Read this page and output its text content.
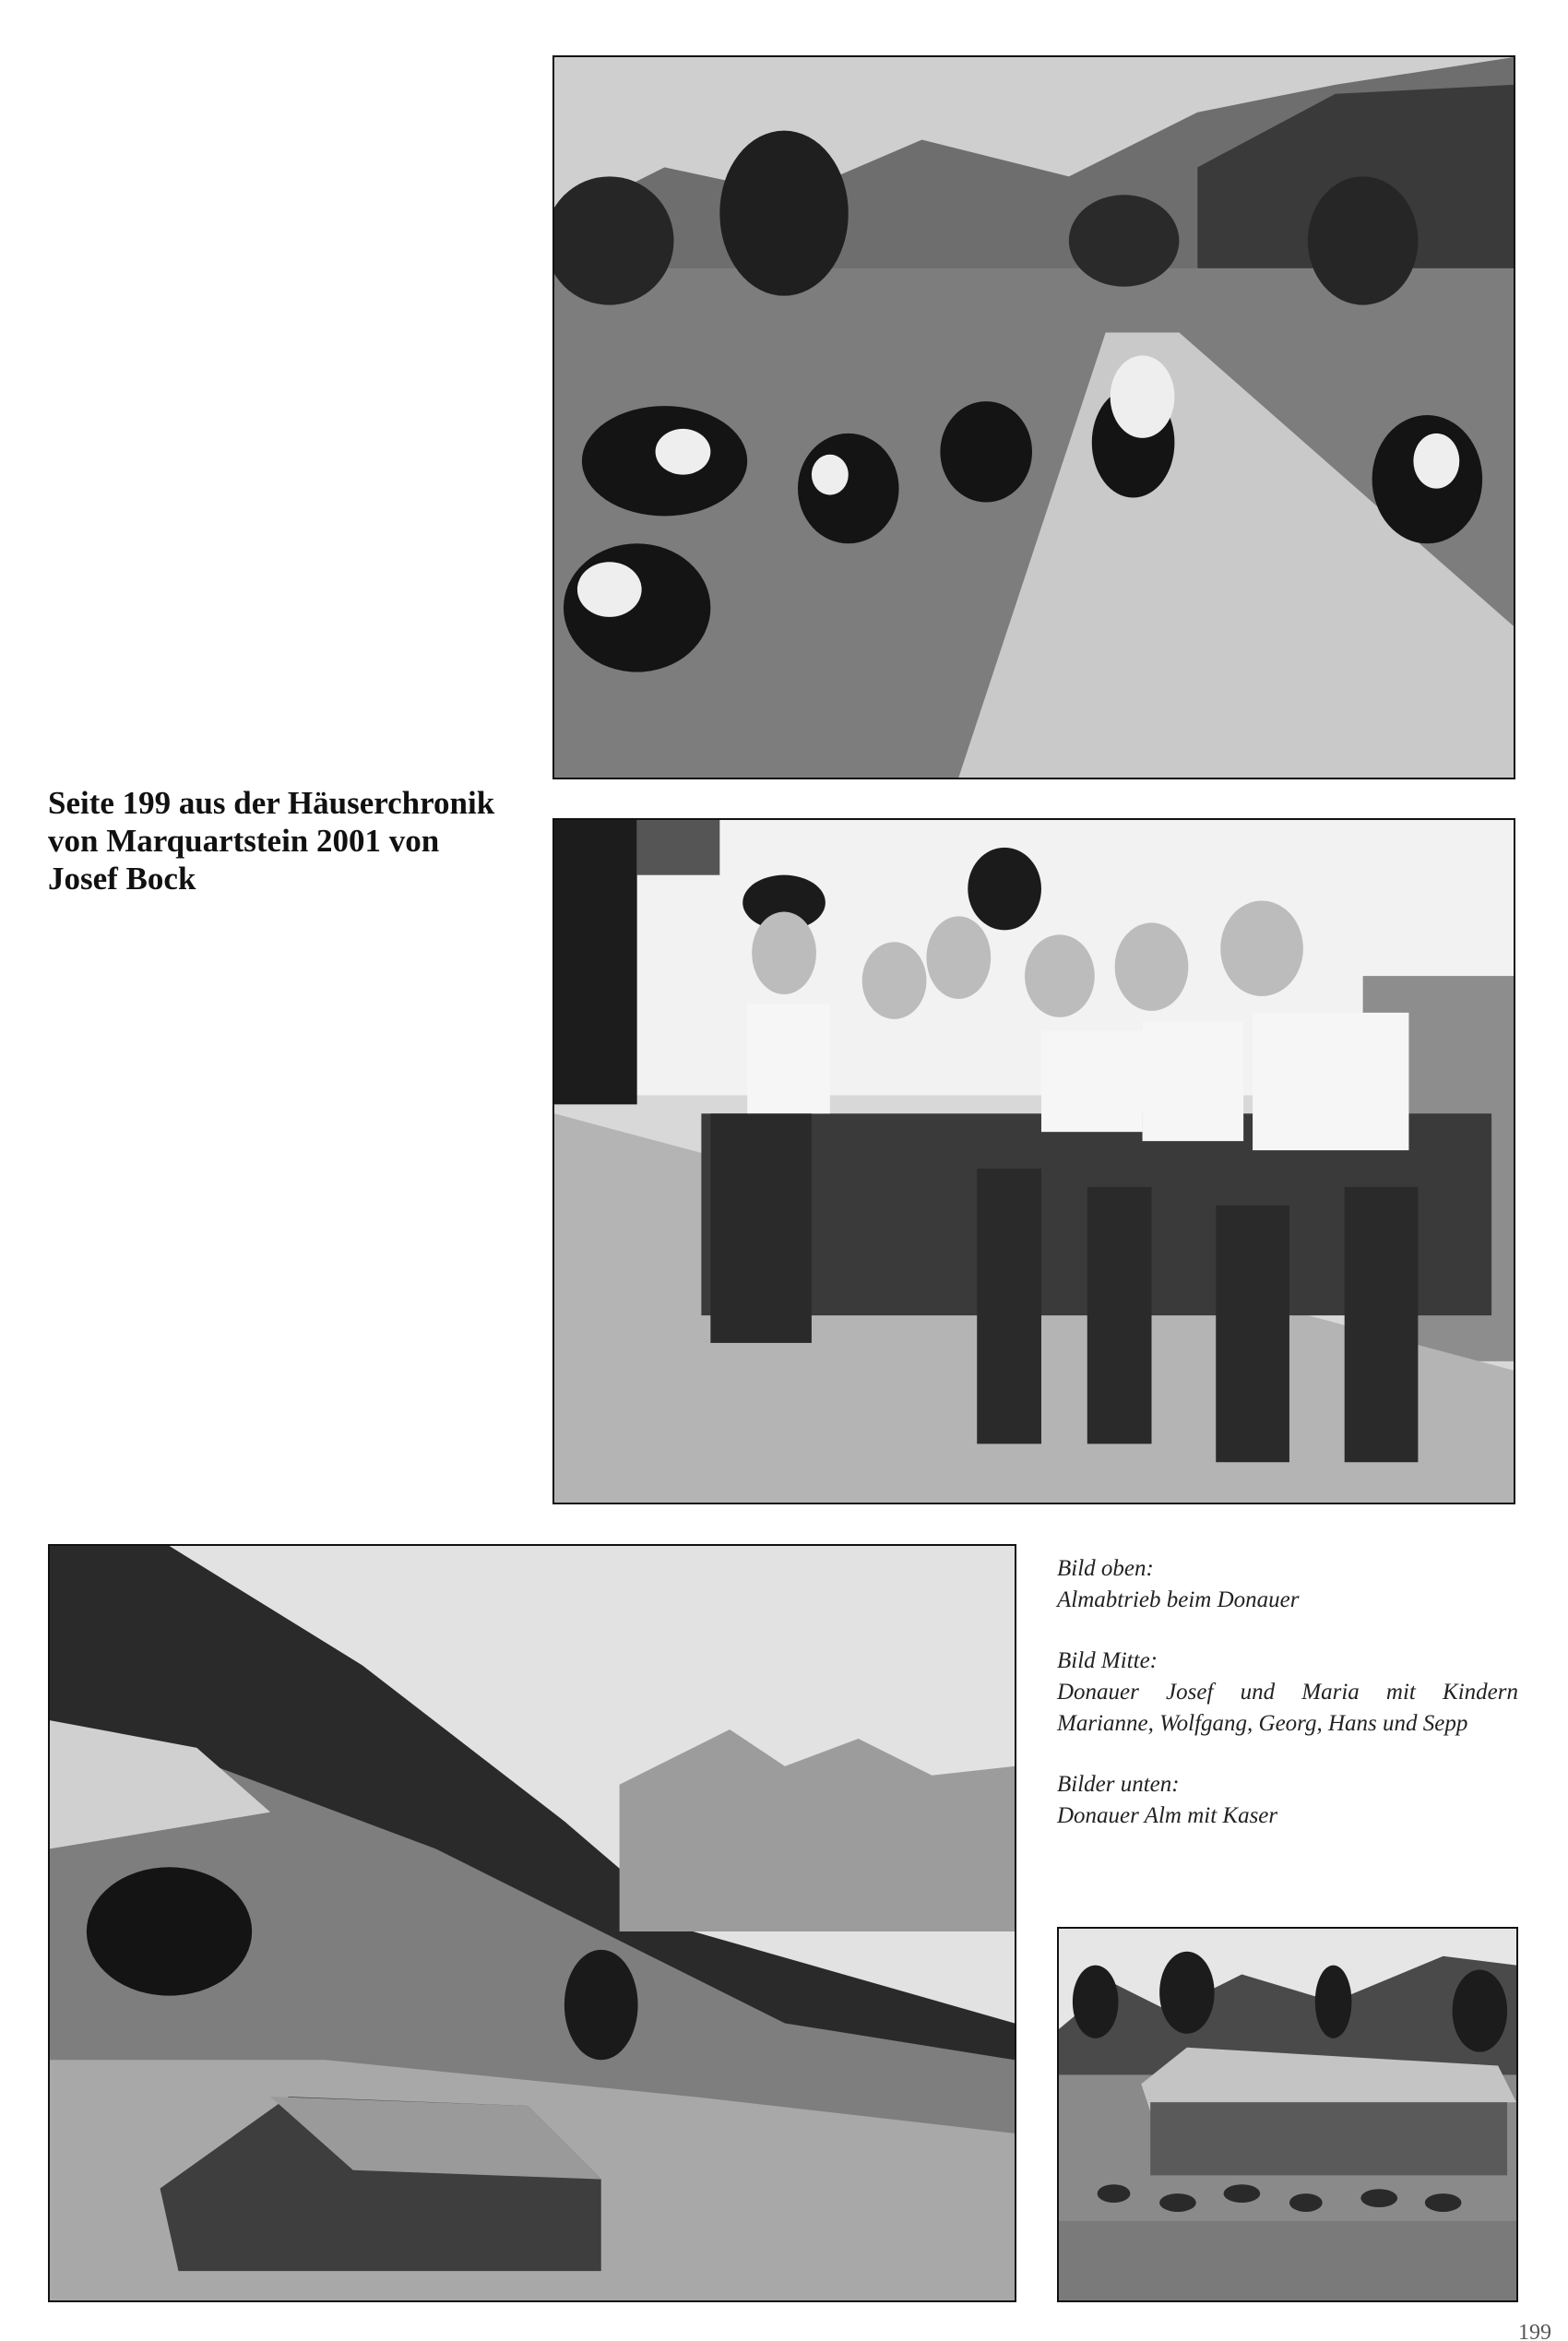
Seite 199 aus der Häuserchronik
von Marquartstein 2001 von
Josef Bock
Bild oben:
Almabtrieb beim Donauer
Bild Mitte:
Donauer Josef und Maria mit Kindern
Marianne, Wolfgang, Georg, Hans und Sepp
Bilder unten:
Donauer Alm mit Kaser
199
